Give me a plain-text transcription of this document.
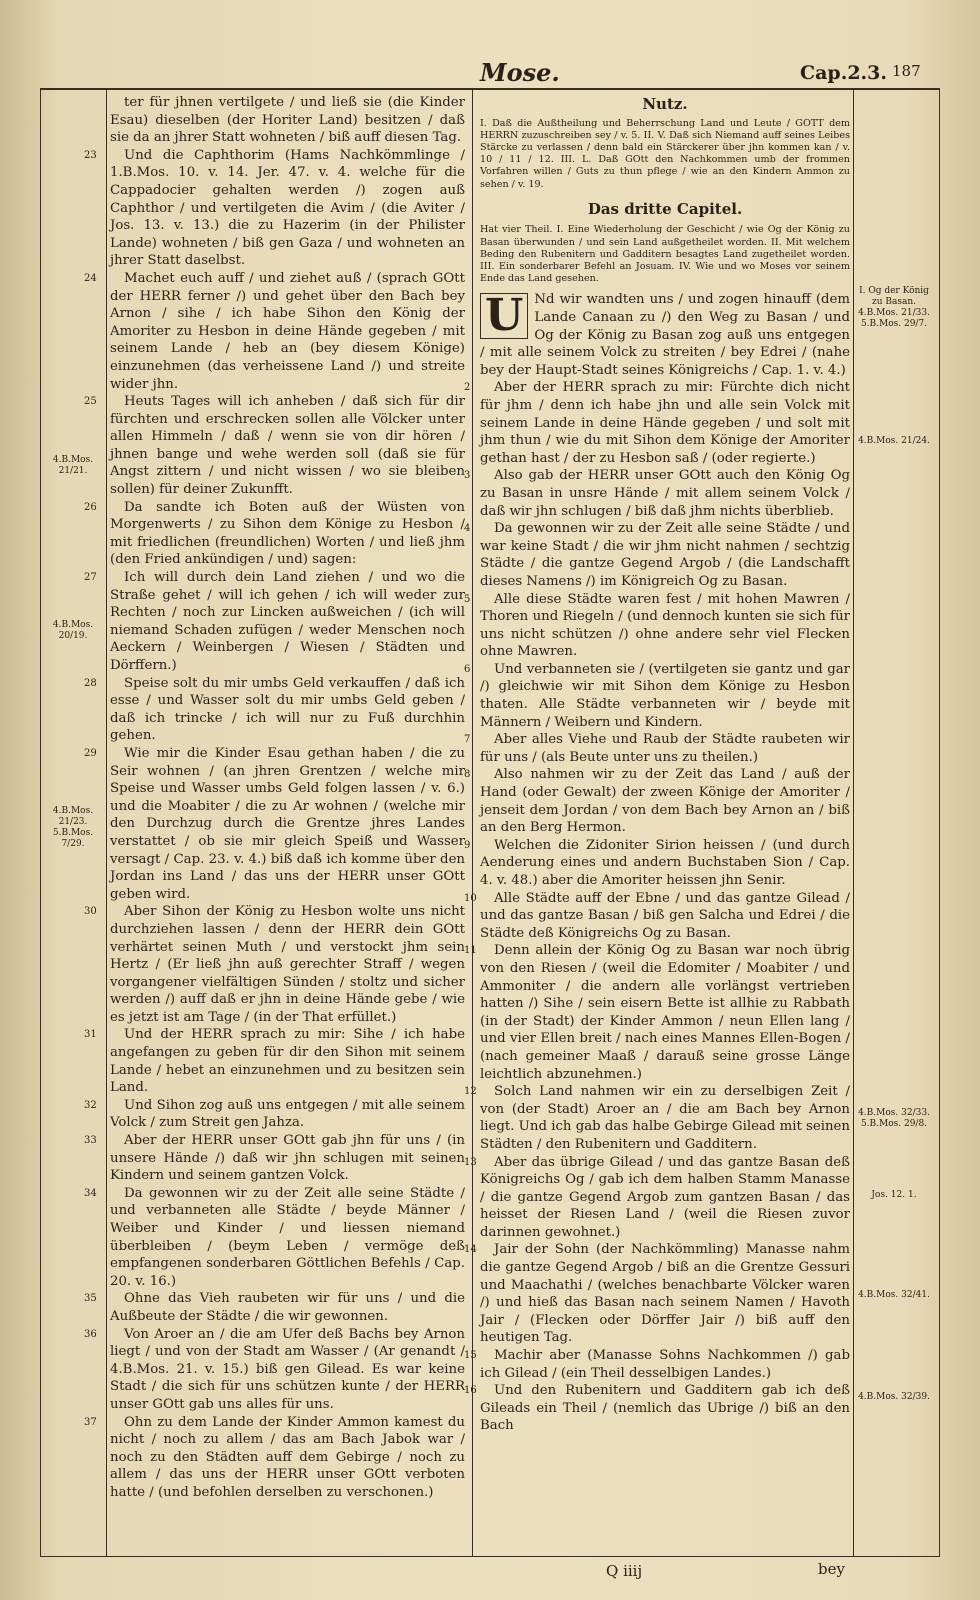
Mose.	Cap.2.3. 187
4.B.Mos. 21/21.
4.B.Mos. 20/19.
4.B.Mos. 21/23. 5.B.Mos. 7/29.
I. Og der König zu Basan. 4.B.Mos. 21/33. 5.B.Mos. 29/7.
4.B.Mos. 21/24.
4.B.Mos. 32/33. 5.B.Mos. 29/8.
Jos. 12. 1.
4.B.Mos. 32/41.
4.B.Mos. 32/39.
ter für jhnen vertilgete / und ließ sie (die Kinder Esau) dieselben (der Horiter Land) besitzen / daß sie da an jhrer Statt wohneten / biß auff diesen Tag.
23 Und die Caphthorim (Hams Nachkömmlinge / 1.B.Mos. 10. v. 14. Jer. 47. v. 4. welche für die Cappadocier gehalten werden /) zogen auß Caphthor / und vertilgeten die Avim / (die Aviter / Jos. 13. v. 13.) die zu Hazerim (in der Philister Lande) wohneten / biß gen Gaza / und wohneten an jhrer Statt daselbst.
24 Machet euch auff / und ziehet auß / (sprach GOtt der HERR ferner /) und gehet über den Bach bey Arnon / sihe / ich habe Sihon den König der Amoriter zu Hesbon in deine Hände gegeben / mit seinem Lande / heb an (bey diesem Könige) einzunehmen (das verheissene Land /) und streite wider jhn.
25 Heuts Tages will ich anheben / daß sich für dir fürchten und erschrecken sollen alle Völcker unter allen Himmeln / daß / wenn sie von dir hören / jhnen bange und wehe werden soll (daß sie für Angst zittern / und nicht wissen / wo sie bleiben sollen) für deiner Zukunfft.
26 Da sandte ich Boten auß der Wüsten von Morgenwerts / zu Sihon dem Könige zu Hesbon / mit friedlichen (freundlichen) Worten / und ließ jhm (den Fried ankündigen / und) sagen:
27 Ich will durch dein Land ziehen / und wo die Straße gehet / will ich gehen / ich will weder zur Rechten / noch zur Lincken außweichen / (ich will niemand Schaden zufügen / weder Menschen noch Aeckern / Weinbergen / Wiesen / Städten und Dörffern.)
28 Speise solt du mir umbs Geld verkauffen / daß ich esse / und Wasser solt du mir umbs Geld geben / daß ich trincke / ich will nur zu Fuß durchhin gehen.
29 Wie mir die Kinder Esau gethan haben / die zu Seir wohnen / (an jhren Grentzen / welche mir Speise und Wasser umbs Geld folgen lassen / v. 6.) und die Moabiter / die zu Ar wohnen / (welche mir den Durchzug durch die Grentze jhres Landes verstattet / ob sie mir gleich Speiß und Wasser versagt / Cap. 23. v. 4.) biß daß ich komme über den Jordan ins Land / das uns der HERR unser GOtt geben wird.
30 Aber Sihon der König zu Hesbon wolte uns nicht durchziehen lassen / denn der HERR dein GOtt verhärtet seinen Muth / und verstockt jhm sein Hertz / (Er ließ jhn auß gerechter Straff / wegen vorgangener vielfältigen Sünden / stoltz und sicher werden /) auff daß er jhn in deine Hände gebe / wie es jetzt ist am Tage / (in der That erfüllet.)
31 Und der HERR sprach zu mir: Sihe / ich habe angefangen zu geben für dir den Sihon mit seinem Lande / hebet an einzunehmen und zu besitzen sein Land.
32 Und Sihon zog auß uns entgegen / mit alle seinem Volck / zum Streit gen Jahza.
33 Aber der HERR unser GOtt gab jhn für uns / (in unsere Hände /) daß wir jhn schlugen mit seinen Kindern und seinem gantzen Volck.
34 Da gewonnen wir zu der Zeit alle seine Städte / und verbanneten alle Städte / beyde Männer / Weiber und Kinder / und liessen niemand überbleiben / (beym Leben / vermöge deß empfangenen sonderbaren Göttlichen Befehls / Cap. 20. v. 16.)
35 Ohne das Vieh raubeten wir für uns / und die Außbeute der Städte / die wir gewonnen.
36 Von Aroer an / die am Ufer deß Bachs bey Arnon liegt / und von der Stadt am Wasser / (Ar genandt / 4.B.Mos. 21. v. 15.) biß gen Gilead. Es war keine Stadt / die sich für uns schützen kunte / der HERR unser GOtt gab uns alles für uns.
37 Ohn zu dem Lande der Kinder Ammon kamest du nicht / noch zu allem / das am Bach Jabok war / noch zu den Städten auff dem Gebirge / noch zu allem / das uns der HERR unser GOtt verboten hatte / (und befohlen derselben zu verschonen.)
Nutz.
I. Daß die Außtheilung und Beherrschung Land und Leute / GOTT dem HERRN zuzuschreiben sey / v. 5. II. V. Daß sich Niemand auff seines Leibes Stärcke zu verlassen / denn bald ein Stärckerer über jhn kommen kan / v. 10 / 11 / 12. III. L. Daß GOtt den Nachkommen umb der frommen Vorfahren willen / Guts zu thun pflege / wie an den Kindern Ammon zu sehen / v. 19.
Das dritte Capitel.
Hat vier Theil. I. Eine Wiederholung der Geschicht / wie Og der König zu Basan überwunden / und sein Land außgetheilet worden. II. Mit welchem Beding den Rubenitern und Gadditern besagtes Land zugetheilet worden. III. Ein sonderbarer Befehl an Josuam. IV. Wie und wo Moses vor seinem Ende das Land gesehen.
U Nd wir wandten uns / und zogen hinauff (dem Lande Canaan zu /) den Weg zu Basan / und Og der König zu Basan zog auß uns entgegen / mit alle seinem Volck zu streiten / bey Edrei / (nahe bey der Haupt-Stadt seines Königreichs / Cap. 1. v. 4.)
2 Aber der HERR sprach zu mir: Fürchte dich nicht für jhm / denn ich habe jhn und alle sein Volck mit seinem Lande in deine Hände gegeben / und solt mit jhm thun / wie du mit Sihon dem Könige der Amoriter gethan hast / der zu Hesbon saß / (oder regierte.)
3 Also gab der HERR unser GOtt auch den König Og zu Basan in unsre Hände / mit allem seinem Volck / daß wir jhn schlugen / biß daß jhm nichts überblieb.
4 Da gewonnen wir zu der Zeit alle seine Städte / und war keine Stadt / die wir jhm nicht nahmen / sechtzig Städte / die gantze Gegend Argob / (die Landschafft dieses Namens /) im Königreich Og zu Basan.
5 Alle diese Städte waren fest / mit hohen Mawren / Thoren und Riegeln / (und dennoch kunten sie sich für uns nicht schützen /) ohne andere sehr viel Flecken ohne Mawren.
6 Und verbanneten sie / (vertilgeten sie gantz und gar /) gleichwie wir mit Sihon dem Könige zu Hesbon thaten. Alle Städte verbanneten wir / beyde mit Männern / Weibern und Kindern.
7 Aber alles Viehe und Raub der Städte raubeten wir für uns / (als Beute unter uns zu theilen.)
8 Also nahmen wir zu der Zeit das Land / auß der Hand (oder Gewalt) der zween Könige der Amoriter / jenseit dem Jordan / von dem Bach bey Arnon an / biß an den Berg Hermon.
9 Welchen die Zidoniter Sirion heissen / (und durch Aenderung eines und andern Buchstaben Sion / Cap. 4. v. 48.) aber die Amoriter heissen jhn Senir.
10 Alle Städte auff der Ebne / und das gantze Gilead / und das gantze Basan / biß gen Salcha und Edrei / die Städte deß Königreichs Og zu Basan.
11 Denn allein der König Og zu Basan war noch übrig von den Riesen / (weil die Edomiter / Moabiter / und Ammoniter / die andern alle vorlängst vertrieben hatten /) Sihe / sein eisern Bette ist allhie zu Rabbath (in der Stadt) der Kinder Ammon / neun Ellen lang / und vier Ellen breit / nach eines Mannes Ellen-Bogen / (nach gemeiner Maaß / darauß seine grosse Länge leichtlich abzunehmen.)
12 Solch Land nahmen wir ein zu derselbigen Zeit / von (der Stadt) Aroer an / die am Bach bey Arnon liegt. Und ich gab das halbe Gebirge Gilead mit seinen Städten / den Rubenitern und Gadditern.
13 Aber das übrige Gilead / und das gantze Basan deß Königreichs Og / gab ich dem halben Stamm Manasse / die gantze Gegend Argob zum gantzen Basan / das heisset der Riesen Land / (weil die Riesen zuvor darinnen gewohnet.)
14 Jair der Sohn (der Nachkömmling) Manasse nahm die gantze Gegend Argob / biß an die Grentze Gessuri und Maachathi / (welches benachbarte Völcker waren /) und hieß das Basan nach seinem Namen / Havoth Jair / (Flecken oder Dörffer Jair /) biß auff den heutigen Tag.
15 Machir aber (Manasse Sohns Nachkommen /) gab ich Gilead / (ein Theil desselbigen Landes.)
16 Und den Rubenitern und Gadditern gab ich deß Gileads ein Theil / (nemlich das Ubrige /) biß an den Bach
Q iiij	bey
